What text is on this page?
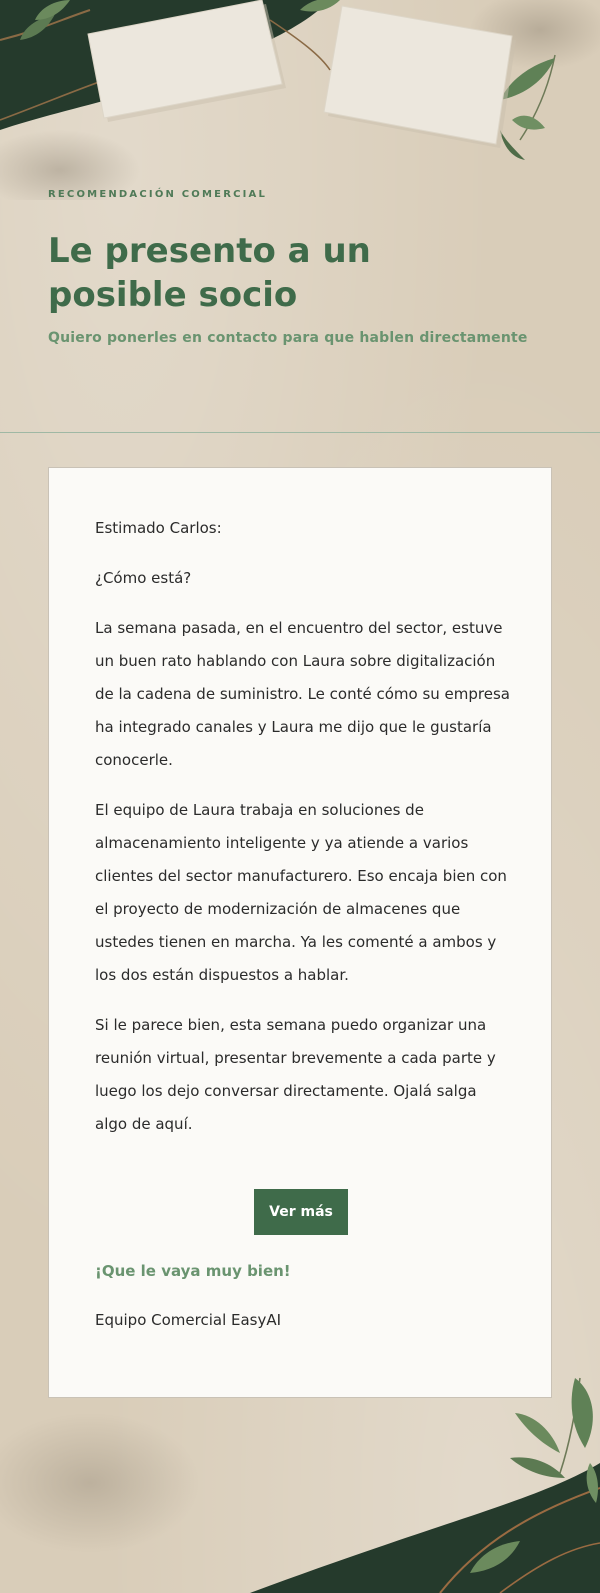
RECOMENDACIÓN COMERCIAL

Le presento a un posible socio

Quiero ponerles en contacto para que hablen directamente

Estimado Carlos:

¿Cómo está?

La semana pasada, en el encuentro del sector, estuve un buen rato hablando con Laura sobre digitalización de la cadena de suministro. Le conté cómo su empresa ha integrado canales y Laura me dijo que le gustaría conocerle.

El equipo de Laura trabaja en soluciones de almacenamiento inteligente y ya atiende a varios clientes del sector manufacturero. Eso encaja bien con el proyecto de modernización de almacenes que ustedes tienen en marcha. Ya les comenté a ambos y los dos están dispuestos a hablar.

Si le parece bien, esta semana puedo organizar una reunión virtual, presentar brevemente a cada parte y luego los dejo conversar directamente. Ojalá salga algo de aquí.

Ver más

¡Que le vaya muy bien!

Equipo Comercial EasyAI
